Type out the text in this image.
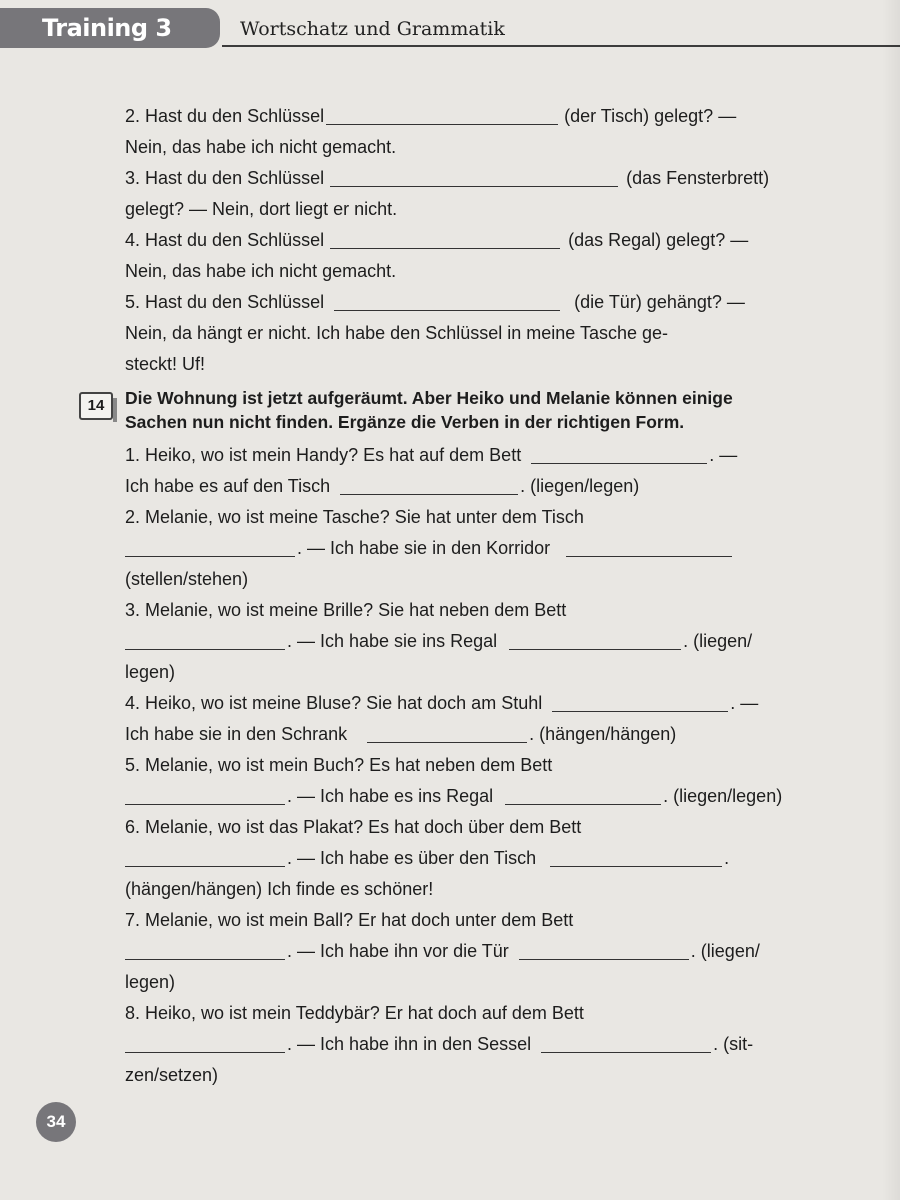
Training 3	Wortschatz und Grammatik
2. Hast du den Schlüssel	(der Tisch) gelegt? —
Nein, das habe ich nicht gemacht.
3. Hast du den Schlüssel	(das Fensterbrett)
gelegt? — Nein, dort liegt er nicht.
4. Hast du den Schlüssel	(das Regal) gelegt? —
Nein, das habe ich nicht gemacht.
5. Hast du den Schlüssel	(die Tür) gehängt? —
Nein, da hängt er nicht. Ich habe den Schlüssel in meine Tasche ge-
steckt! Uf!
14	Die Wohnung ist jetzt aufgeräumt. Aber Heiko und Melanie können einige
Sachen nun nicht finden. Ergänze die Verben in der richtigen Form.
1. Heiko, wo ist mein Handy? Es hat auf dem Bett	. —
Ich habe es auf den Tisch	. (liegen/legen)
2. Melanie, wo ist meine Tasche? Sie hat unter dem Tisch
. — Ich habe sie in den Korridor
(stellen/stehen)
3. Melanie, wo ist meine Brille? Sie hat neben dem Bett
. — Ich habe sie ins Regal	. (liegen/
legen)
4. Heiko, wo ist meine Bluse? Sie hat doch am Stuhl	. —
Ich habe sie in den Schrank	. (hängen/hängen)
5. Melanie, wo ist mein Buch? Es hat neben dem Bett
. — Ich habe es ins Regal	. (liegen/legen)
6. Melanie, wo ist das Plakat? Es hat doch über dem Bett
. — Ich habe es über den Tisch	.
(hängen/hängen) Ich finde es schöner!
7. Melanie, wo ist mein Ball? Er hat doch unter dem Bett
. — Ich habe ihn vor die Tür	. (liegen/
legen)
8. Heiko, wo ist mein Teddybär? Er hat doch auf dem Bett
. — Ich habe ihn in den Sessel	. (sit-
zen/setzen)
34
